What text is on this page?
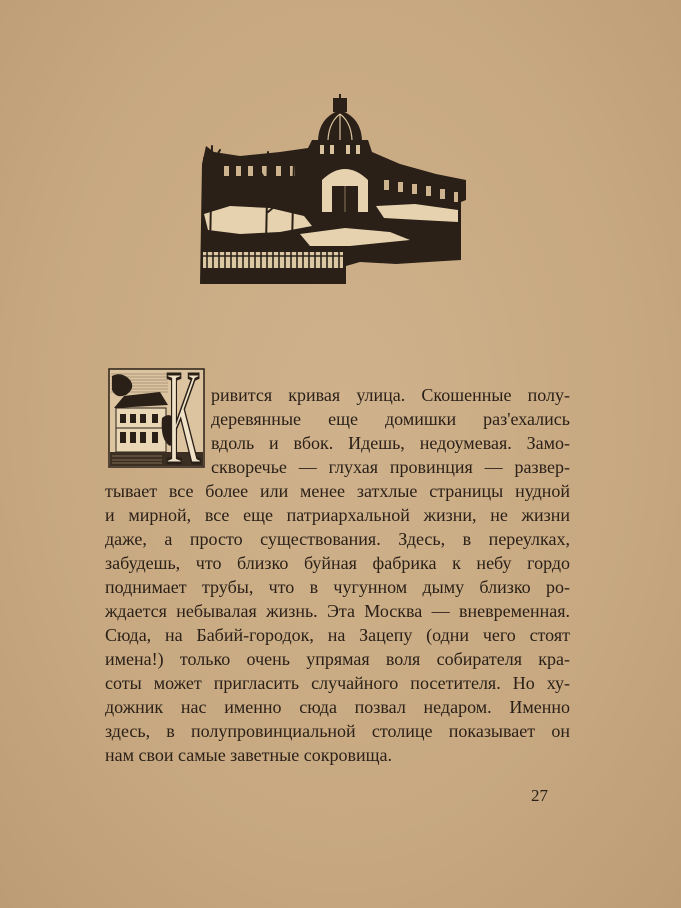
К ривится кривая улица. Скошенные полу-
деревянные еще домишки раз'ехались
вдоль и вбок. Идешь, недоумевая. Замо-
скворечье — глухая провинция — развер-
тывает все более или менее затхлые страницы нудной
и мирной, все еще патриархальной жизни, не жизни
даже, а просто существования. Здесь, в переулках,
забудешь, что близко буйная фабрика к небу гордо
поднимает трубы, что в чугунном дыму близко ро-
ждается небывалая жизнь. Эта Москва — вневременная.
Сюда, на Бабий-городок, на Зацепу (одни чего стоят
имена!) только очень упрямая воля собирателя кра-
соты может пригласить случайного посетителя. Но ху-
дожник нас именно сюда позвал недаром. Именно
здесь, в полупровинциальной столице показывает он
нам свои самые заветные сокровища.
27
